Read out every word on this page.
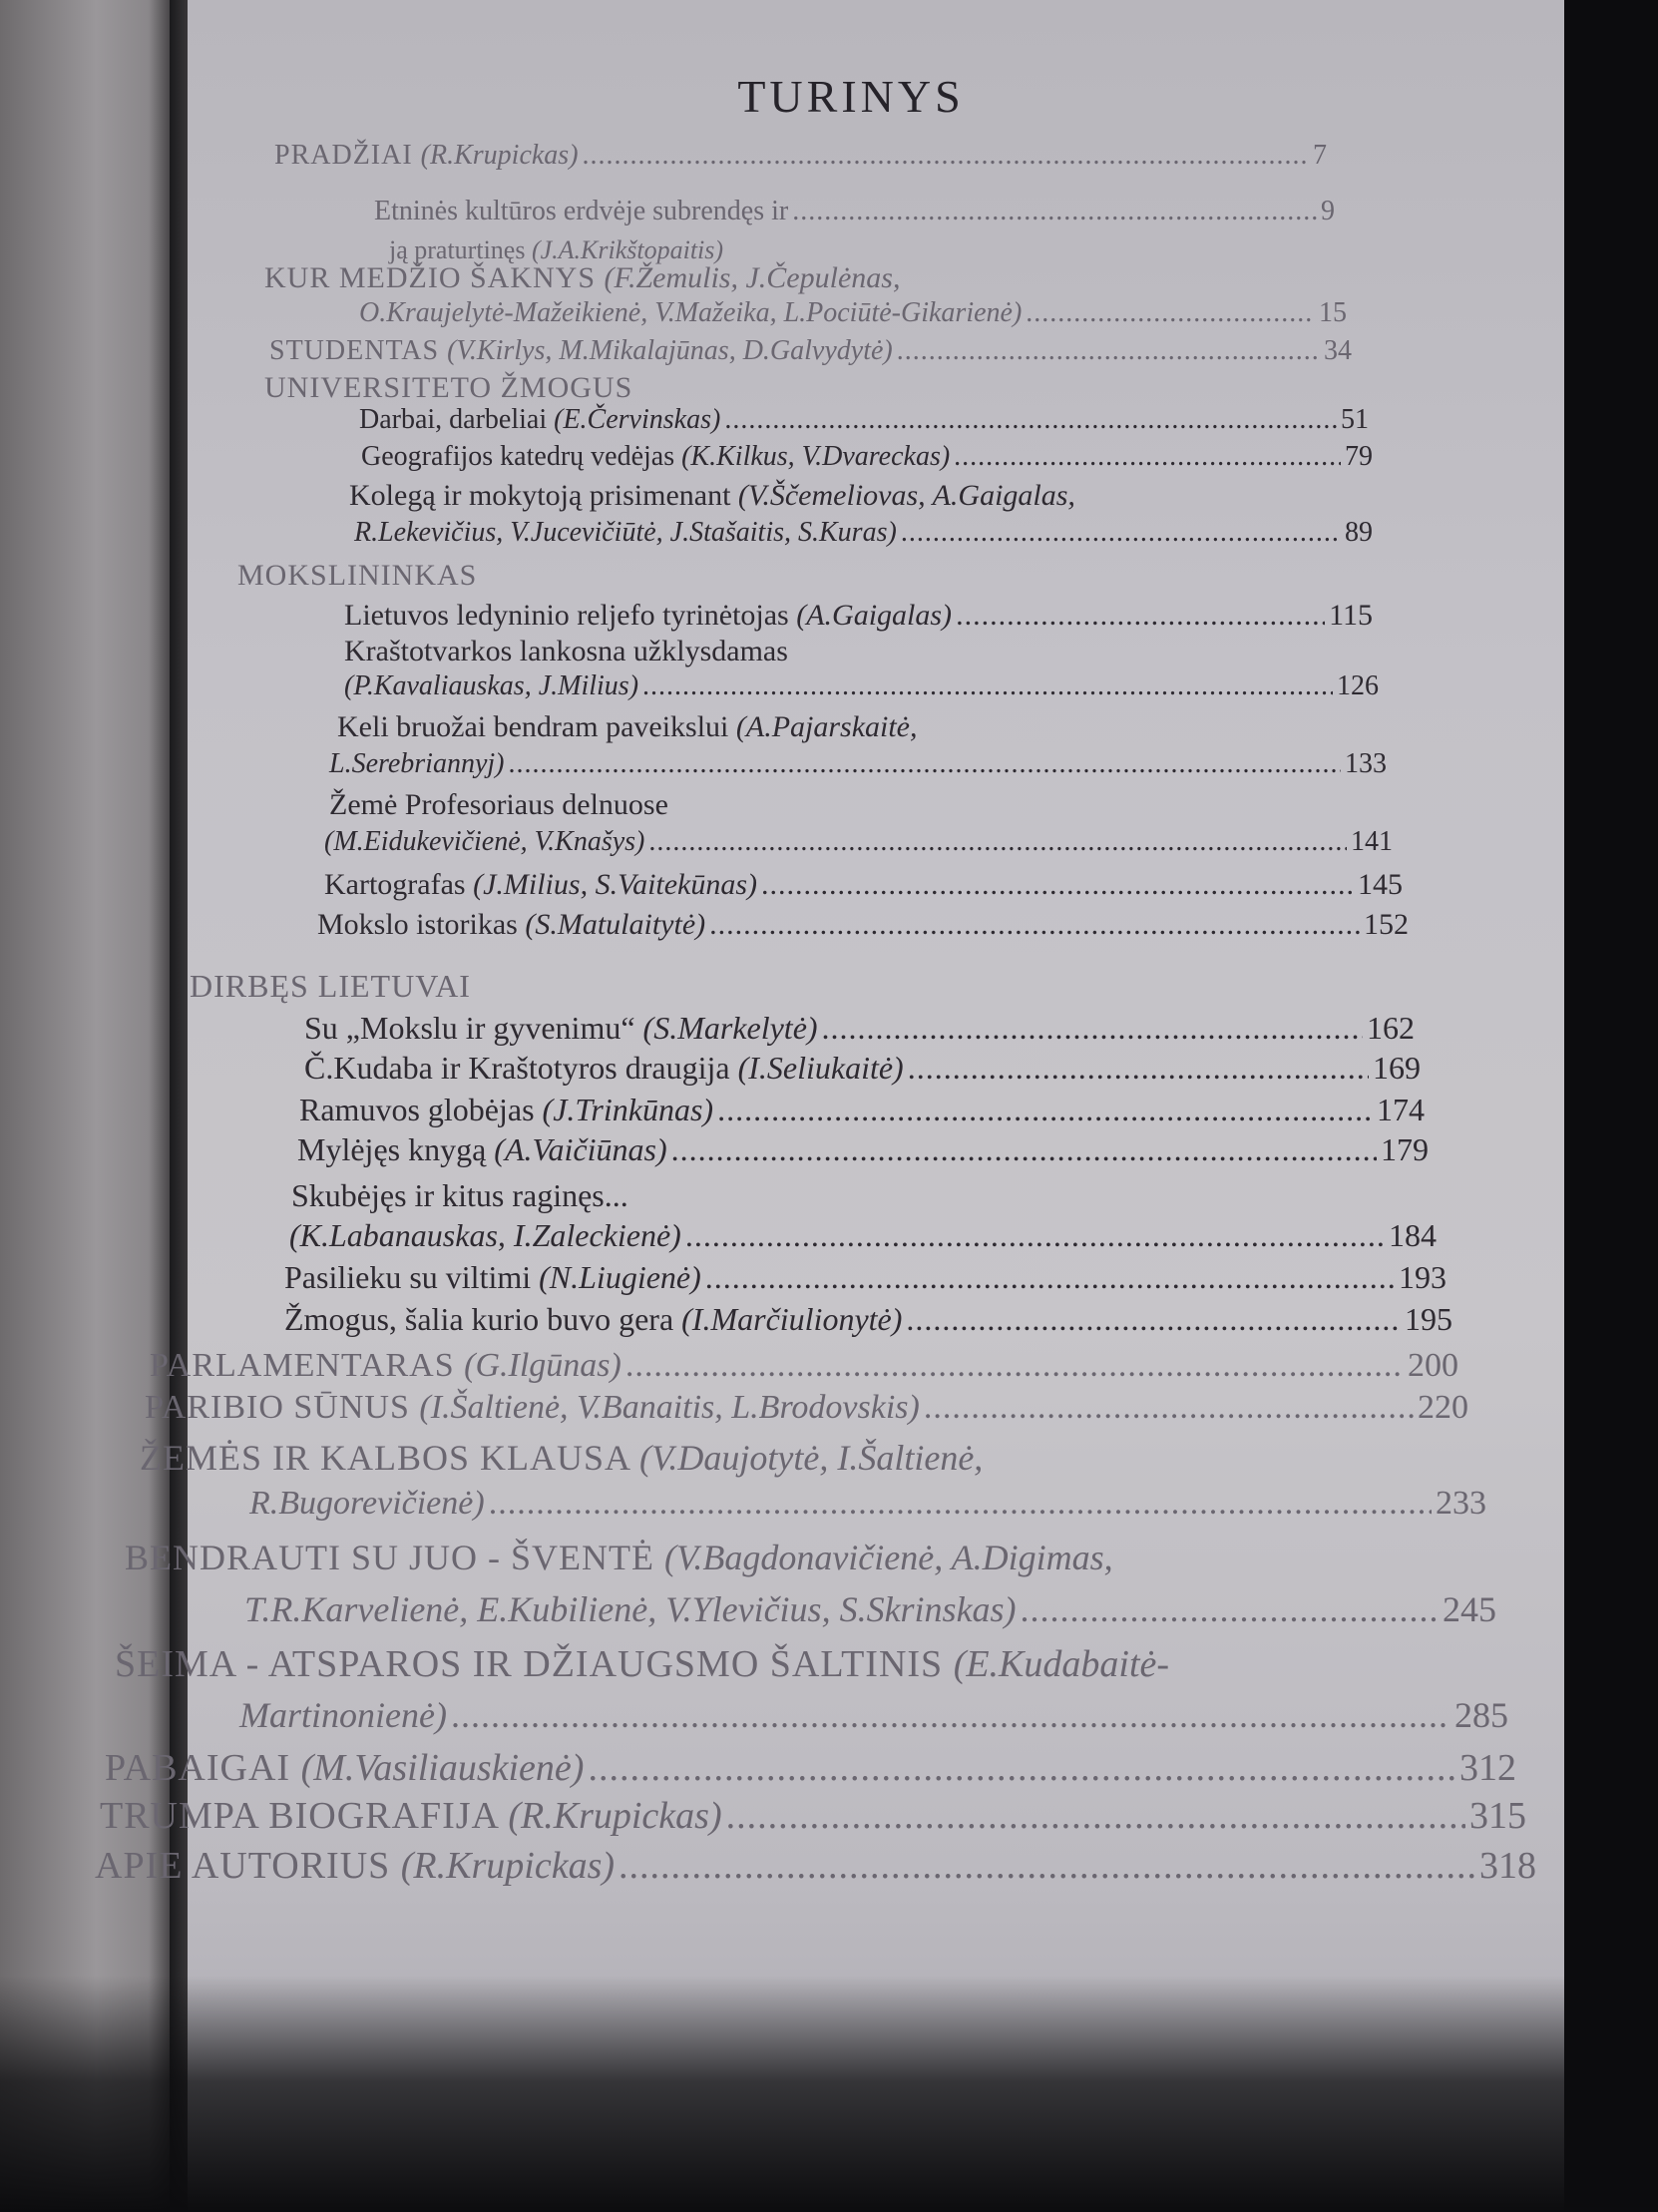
TURINYS
PRADŽIAI (R.Krupickas) .....	7
Etninės kultūros erdvėje subrendęs ir .....	9
ją praturtinęs (J.A.Krikštopaitis)
KUR MEDŽIO ŠAKNYS (F.Žemulis, J.Čepulėnas,
O.Kraujelytė-Mažeikienė, V.Mažeika, L.Pociūtė-Gikarienė) .....	15
STUDENTAS (V.Kirlys, M.Mikalajūnas, D.Galvydytė) .....	34
UNIVERSITETO ŽMOGUS
Darbai, darbeliai (E.Červinskas) .....	51
Geografijos katedrų vedėjas (K.Kilkus, V.Dvareckas) .....	79
Kolegą ir mokytoją prisimenant (V.Ščemeliovas, A.Gaigalas,
R.Lekevičius, V.Jucevičiūtė, J.Stašaitis, S.Kuras) .....	89
MOKSLININKAS
Lietuvos ledyninio reljefo tyrinėtojas (A.Gaigalas) .....	115
Kraštotvarkos lankosna užklysdamas
(P.Kavaliauskas, J.Milius) .....	126
Keli bruožai bendram paveikslui (A.Pajarskaitė,
L.Serebriannyj) .....	133
Žemė Profesoriaus delnuose
(M.Eidukevičienė, V.Knašys) .....	141
Kartografas (J.Milius, S.Vaitekūnas) .....	145
Mokslo istorikas (S.Matulaitytė) .....	152
DIRBĘS LIETUVAI
Su „Mokslu ir gyvenimu“ (S.Markelytė) .....	162
Č.Kudaba ir Kraštotyros draugija (I.Seliukaitė) .....	169
Ramuvos globėjas (J.Trinkūnas) .....	174
Mylėjęs knygą (A.Vaičiūnas) .....	179
Skubėjęs ir kitus raginęs...
(K.Labanauskas, I.Zaleckienė) .....	184
Pasilieku su viltimi (N.Liugienė) .....	193
Žmogus, šalia kurio buvo gera (I.Marčiulionytė) .....	195
PARLAMENTARAS (G.Ilgūnas) .....	200
PARIBIO SŪNUS (I.Šaltienė, V.Banaitis, L.Brodovskis) .....	220
ŽEMĖS IR KALBOS KLAUSA (V.Daujotytė, I.Šaltienė,
R.Bugorevičienė) .....	233
BENDRAUTI SU JUO - ŠVENTĖ (V.Bagdonavičienė, A.Digimas,
T.R.Karvelienė, E.Kubilienė, V.Ylevičius, S.Skrinskas) .....	245
ŠEIMA - ATSPAROS IR DŽIAUGSMO ŠALTINIS (E.Kudabaitė-
Martinonienė) .....	285
PABAIGAI (M.Vasiliauskienė) .....	312
TRUMPA BIOGRAFIJA (R.Krupickas) .....	315
APIE AUTORIUS (R.Krupickas) .....	318
